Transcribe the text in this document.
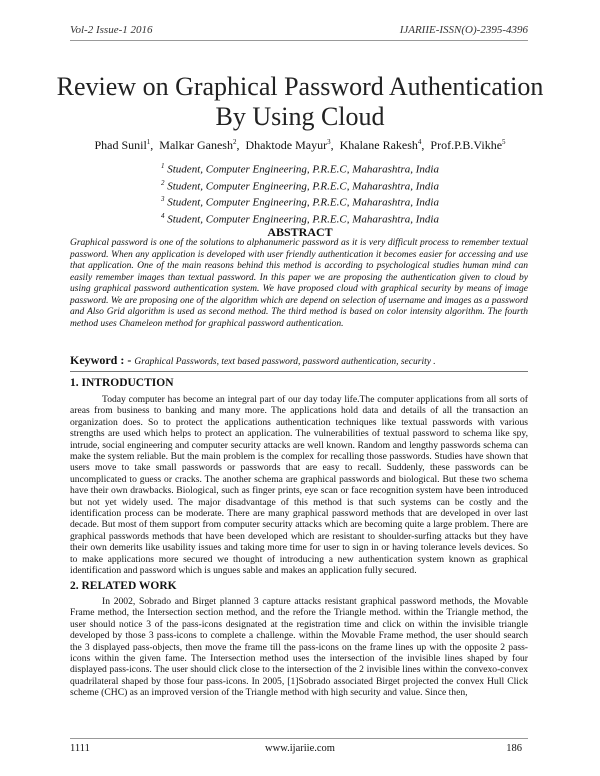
Vol-2 Issue-1 2016	IJARIIE-ISSN(O)-2395-4396
Review on Graphical Password Authentication
By Using Cloud
Phad Sunil$^1$,  Malkar Ganesh$^2$,  Dhaktode Mayur$^3$,  Khalane Rakesh$^4$,  Prof.P.B.Vikhe$^5$
$^1$ Student, Computer Engineering, P.R.E.C, Maharashtra, India
$^2$ Student, Computer Engineering, P.R.E.C, Maharashtra, India
$^3$ Student, Computer Engineering, P.R.E.C, Maharashtra, India
$^4$ Student, Computer Engineering, P.R.E.C, Maharashtra, India
ABSTRACT
Graphical password is one of the solutions to alphanumeric password as it is very difficult process to remember textual password. When any application is developed with user friendly authentication it becomes easier for accessing and use that application. One of the main reasons behind this method is according to psychological studies human mind can easily remember images than textual password. In this paper we are proposing the authentication given to cloud by using graphical password authentication system. We have proposed cloud with graphical security by means of image password. We are proposing one of the algorithm which are depend on selection of username and images as a password and Also Grid algorithm is used as second method. The third method is based on color intensity algorithm. The fourth method uses Chameleon method for graphical password authentication.
Keyword : - Graphical Passwords, text based password, password authentication, security .
1. INTRODUCTION
Today computer has become an integral part of our day today life.The computer applications from all sorts of areas from business to banking and many more. The applications hold data and details of all the transaction an organization does. So to protect the applications authentication techniques like textual passwords with various strengths are used which helps to protect an application. The vulnerabilities of textual password to schema like spy, intrude, social engineering and computer security attacks are well known. Random and lengthy passwords schema can make the system reliable. But the main problem is the complex for recalling those passwords. Studies have shown that users move to take small passwords or passwords that are easy to recall. Suddenly, these passwords can be uncomplicated to guess or cracks. The another schema are graphical passwords and biological. But these two schema have their own drawbacks. Biological, such as finger prints, eye scan or face recognition system have been introduced but not yet widely used. The major disadvantage of this method is that such systems can be costly and the identification process can be moderate. There are many graphical password methods that are developed in over last decade. But most of them support from computer security attacks which are becoming quite a large problem. There are graphical passwords methods that have been developed which are resistant to shoulder-surfing attacks but they have their own demerits like usability issues and taking more time for user to sign in or having tolerance levels devices. So to make applications more secured we thought of introducing a new authentication system known as graphical identification and password which is ungues sable and makes an application fully secured.
2. RELATED WORK
In 2002, Sobrado and Birget planned 3 capture attacks resistant graphical password methods, the Movable Frame method, the Intersection section method, and the refore the Triangle method. within the Triangle method, the user should notice 3 of the pass-icons designated at the registration time and click on within the invisible triangle developed by those 3 pass-icons to complete a challenge. within the Movable Frame method, the user should search the 3 displayed pass-objects, then move the frame till the pass-icons on the frame lines up with the opposite 2 pass-icons within the given fame. The Intersection method uses the intersection of the invisible lines shaped by four displayed pass-icons. The user should click close to the intersection of the 2 invisible lines within the convexo-convex quadrilateral shaped by those four pass-icons. In 2005, [1]Sobrado associated Birget projected the convex Hull Click scheme (CHC) as an improved version of the Triangle method with high security and value. Since then,
1111	www.ijariie.com	186
